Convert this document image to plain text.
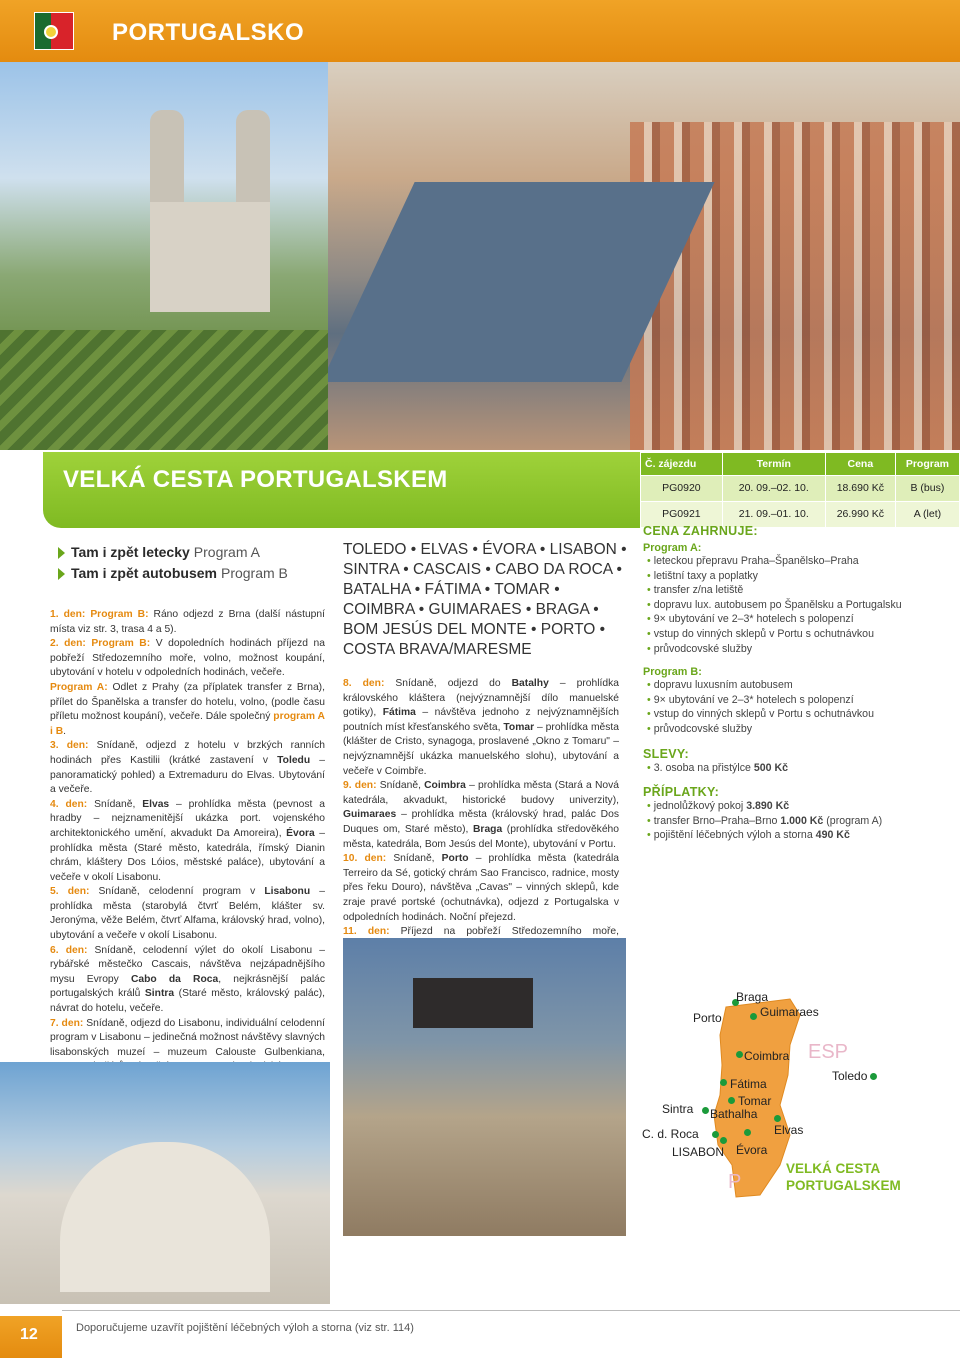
PORTUGALSKO
VELKÁ CESTA PORTUGALSKEM
Č. zájezdu	Termín	Cena	Program
PG0920	20. 09.–02. 10.	18.690 Kč	B (bus)
PG0921	21. 09.–01. 10.	26.990 Kč	A (let)
Tam i zpět letecky Program A
Tam i zpět autobusem Program B
1. den: Program B: Ráno odjezd z Brna (další nástupní místa viz str. 3, trasa 4 a 5).
2. den: Program B: V dopoledních hodinách příjezd na pobřeží Středozemního moře, volno, možnost koupání, ubytování v hotelu v odpoledních hodinách, večeře.
Program A: Odlet z Prahy (za příplatek transfer z Brna), přílet do Španělska a transfer do hotelu, volno, (podle času příletu možnost koupání), večeře. Dále společný program A i B.
3. den: Snídaně, odjezd z hotelu v brzkých ranních hodinách přes Kastilii (krátké zastavení v Toledu – panoramatický pohled) a Extremaduru do Elvas. Ubytování a večeře.
4. den: Snídaně, Elvas – prohlídka města (pevnost a hradby – nejznamenitější ukázka port. vojenského architektonického umění, akvadukt Da Amoreira), Évora – prohlídka města (Staré město, katedrála, římský Dianin chrám, kláštery Dos Lóios, městské paláce), ubytování a večeře v okolí Lisabonu.
5. den: Snídaně, celodenní program v Lisabonu – prohlídka města (starobylá čtvrť Belém, klášter sv. Jeronýma, věže Belém, čtvrť Alfama, královský hrad, volno), ubytování a večeře v okolí Lisabonu.
6. den: Snídaně, celodenní výlet do okolí Lisabonu – rybářské městečko Cascais, návštěva nejzápadnějšího mysu Evropy Cabo da Roca, nejkrásnější palác portugalských králů Sintra (Staré město, královský palác), návrat do hotelu, večeře.
7. den: Snídaně, odjezd do Lisabonu, individuální celodenní program v Lisabonu – jedinečná možnost návštěvy slavných lisabonských muzeí – muzeum Calouste Gulbenkiana,
TOLEDO • ELVAS • ÉVORA • LISABON • SINTRA • CASCAIS • CABO DA ROCA • BATALHA • FÁTIMA • TOMAR • COIMBRA • GUIMARAES • BRAGA • BOM JESÚS DEL MONTE • PORTO • COSTA BRAVA/MARESME
8. den: Snídaně, odjezd do Batalhy – prohlídka královského kláštera (nejvýznamnější dílo manuelské gotiky), Fátima – návštěva jednoho z nejvýznamnějších poutních míst křesťanského světa, Tomar – prohlídka města (klášter de Cristo, synagoga, proslavené „Okno z Tomaru" – nejvýznamnější ukázka manuelského slohu), ubytování a večeře v Coimbře.
9. den: Snídaně, Coimbra – prohlídka města (Stará a Nová katedrála, akvadukt, historické budovy univerzity), Guimaraes – prohlídka města (královský hrad, palác Dos Duques om, Staré město), Braga (prohlídka středověkého města, katedrála, Bom Jesús del Monte), ubytování v Portu.
10. den: Snídaně, Porto – prohlídka města (katedrála Terreiro da Sé, gotický chrám Sao Francisco, radnice, mosty přes řeku Douro), návštěva „Cavas" – vinných sklepů, kde zraje pravé portské (ochutnávka), odjezd z Portugalska v odpoledních hodinách. Noční přejezd.
11. den: Příjezd na pobřeží Středozemního moře,
CENA ZAHRNUJE:
Program A:
• leteckou přepravu Praha–Španělsko–Praha
• letištní taxy a poplatky
• transfer z/na letiště
• dopravu lux. autobusem po Španělsku a Portugalsku
• 9× ubytování ve 2–3* hotelech s polopenzí
• vstup do vinných sklepů v Portu s ochutnávkou
• průvodcovské služby
Program B:
• dopravu luxusním autobusem
• 9× ubytování ve 2–3* hotelech s polopenzí
• vstup do vinných sklepů v Portu s ochutnávkou
• průvodcovské služby
SLEVY:
• 3. osoba na přistýlce 500 Kč
PŘÍPLATKY:
• jednolůžkový pokoj 3.890 Kč
• transfer Brno–Praha–Brno 1.000 Kč (program A)
• pojištění léčebných výloh a storna 490 Kč
ESP
P
Braga
Porto	Guimaraes
Coimbra
Toledo
Fátima
Tomar
Sintra Bathalha
Elvas
C. d. Roca
Évora
LISABON
VELKÁ CESTA
PORTUGALSKEM
12	Doporučujeme uzavřít pojištění léčebných výloh a storna (viz str. 114)
